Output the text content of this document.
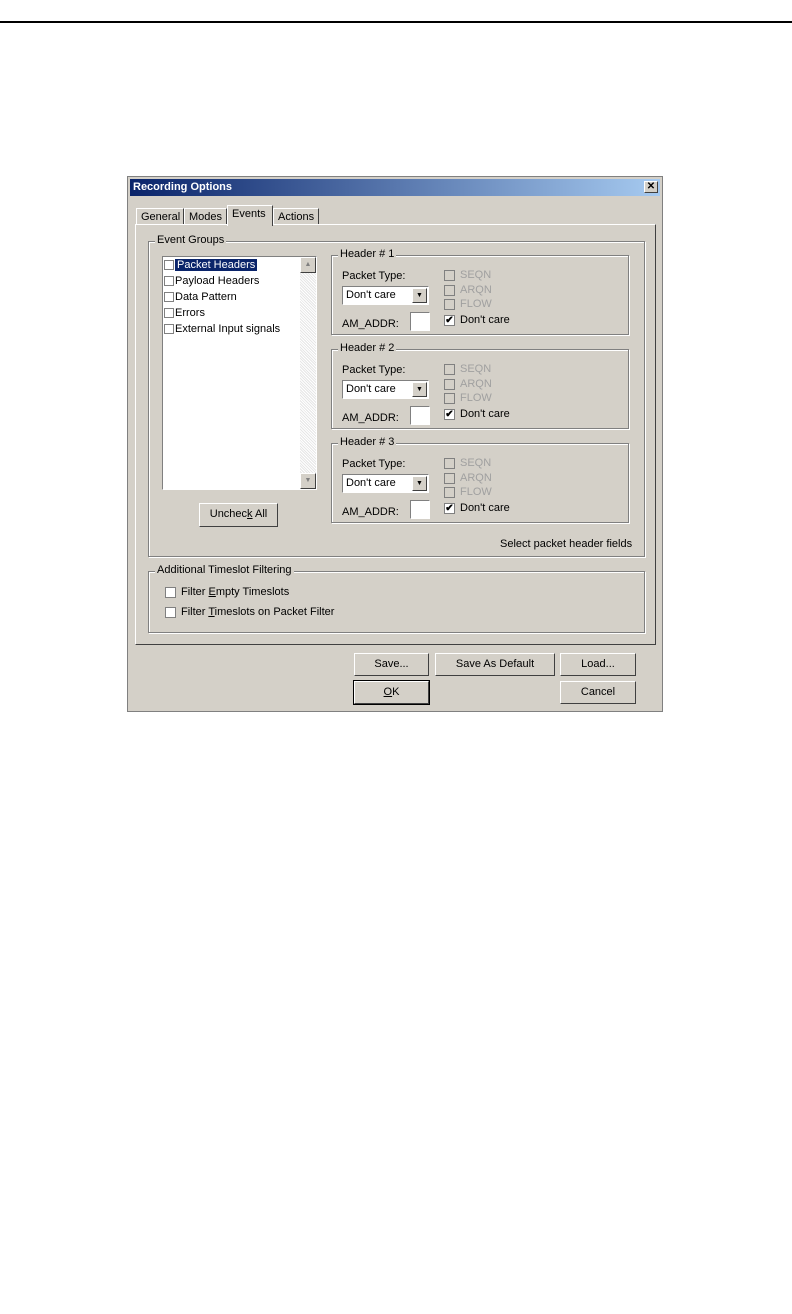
Recording Options	✕
General Modes Events	Actions
Event Groups
Packet Headers
Payload Headers
Data Pattern
Errors
External Input signals
▲
▼
Uncheck All
Header # 1
Packet Type:
Don't care	▼
AM_ADDR:
SEQN
ARQN
FLOW
✔ Don't care
Header # 2
Packet Type:
Don't care	▼
AM_ADDR:
SEQN
ARQN
FLOW
✔ Don't care
Header # 3
Packet Type:
Don't care	▼
AM_ADDR:
SEQN
ARQN
FLOW
✔ Don't care
Select packet header fields
Additional Timeslot Filtering
Filter Empty Timeslots
Filter Timeslots on Packet Filter
Save...	Save As Default	Load...
OK	Cancel
